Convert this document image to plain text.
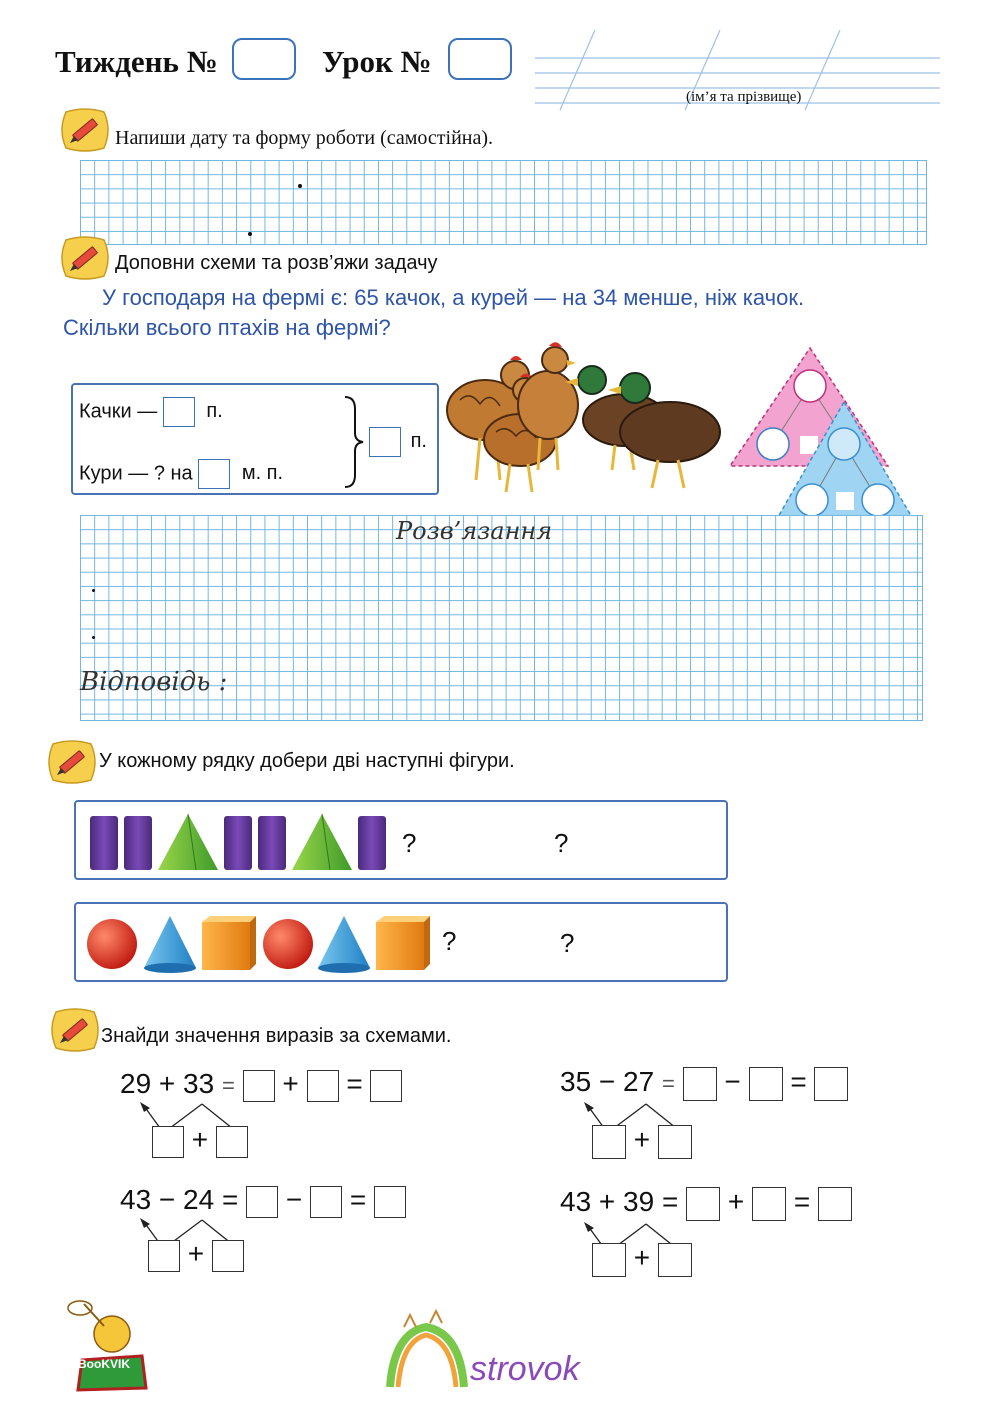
Тиждень №	Урок №
(ім’я та прізвище)
Напиши дату та форму роботи (самостійна).
Доповни схеми та розв’яжи задачу
У господаря на фермі є: 65 качок, а курей — на 34 менше, ніж качок.
Скільки всього птахів на фермі?
Качки — п.
Кури — ? на м. п.
п.
Розв’язання
Відповідь :
У кожному рядку добери дві наступні фігури.
?	?
?	?
Знайди значення виразів за схемами.
29 + 33 = + =
+
35 − 27 = − =
+
43 − 24 = − =
+
43 + 39 = + =
+
BooKVIK	strovok
